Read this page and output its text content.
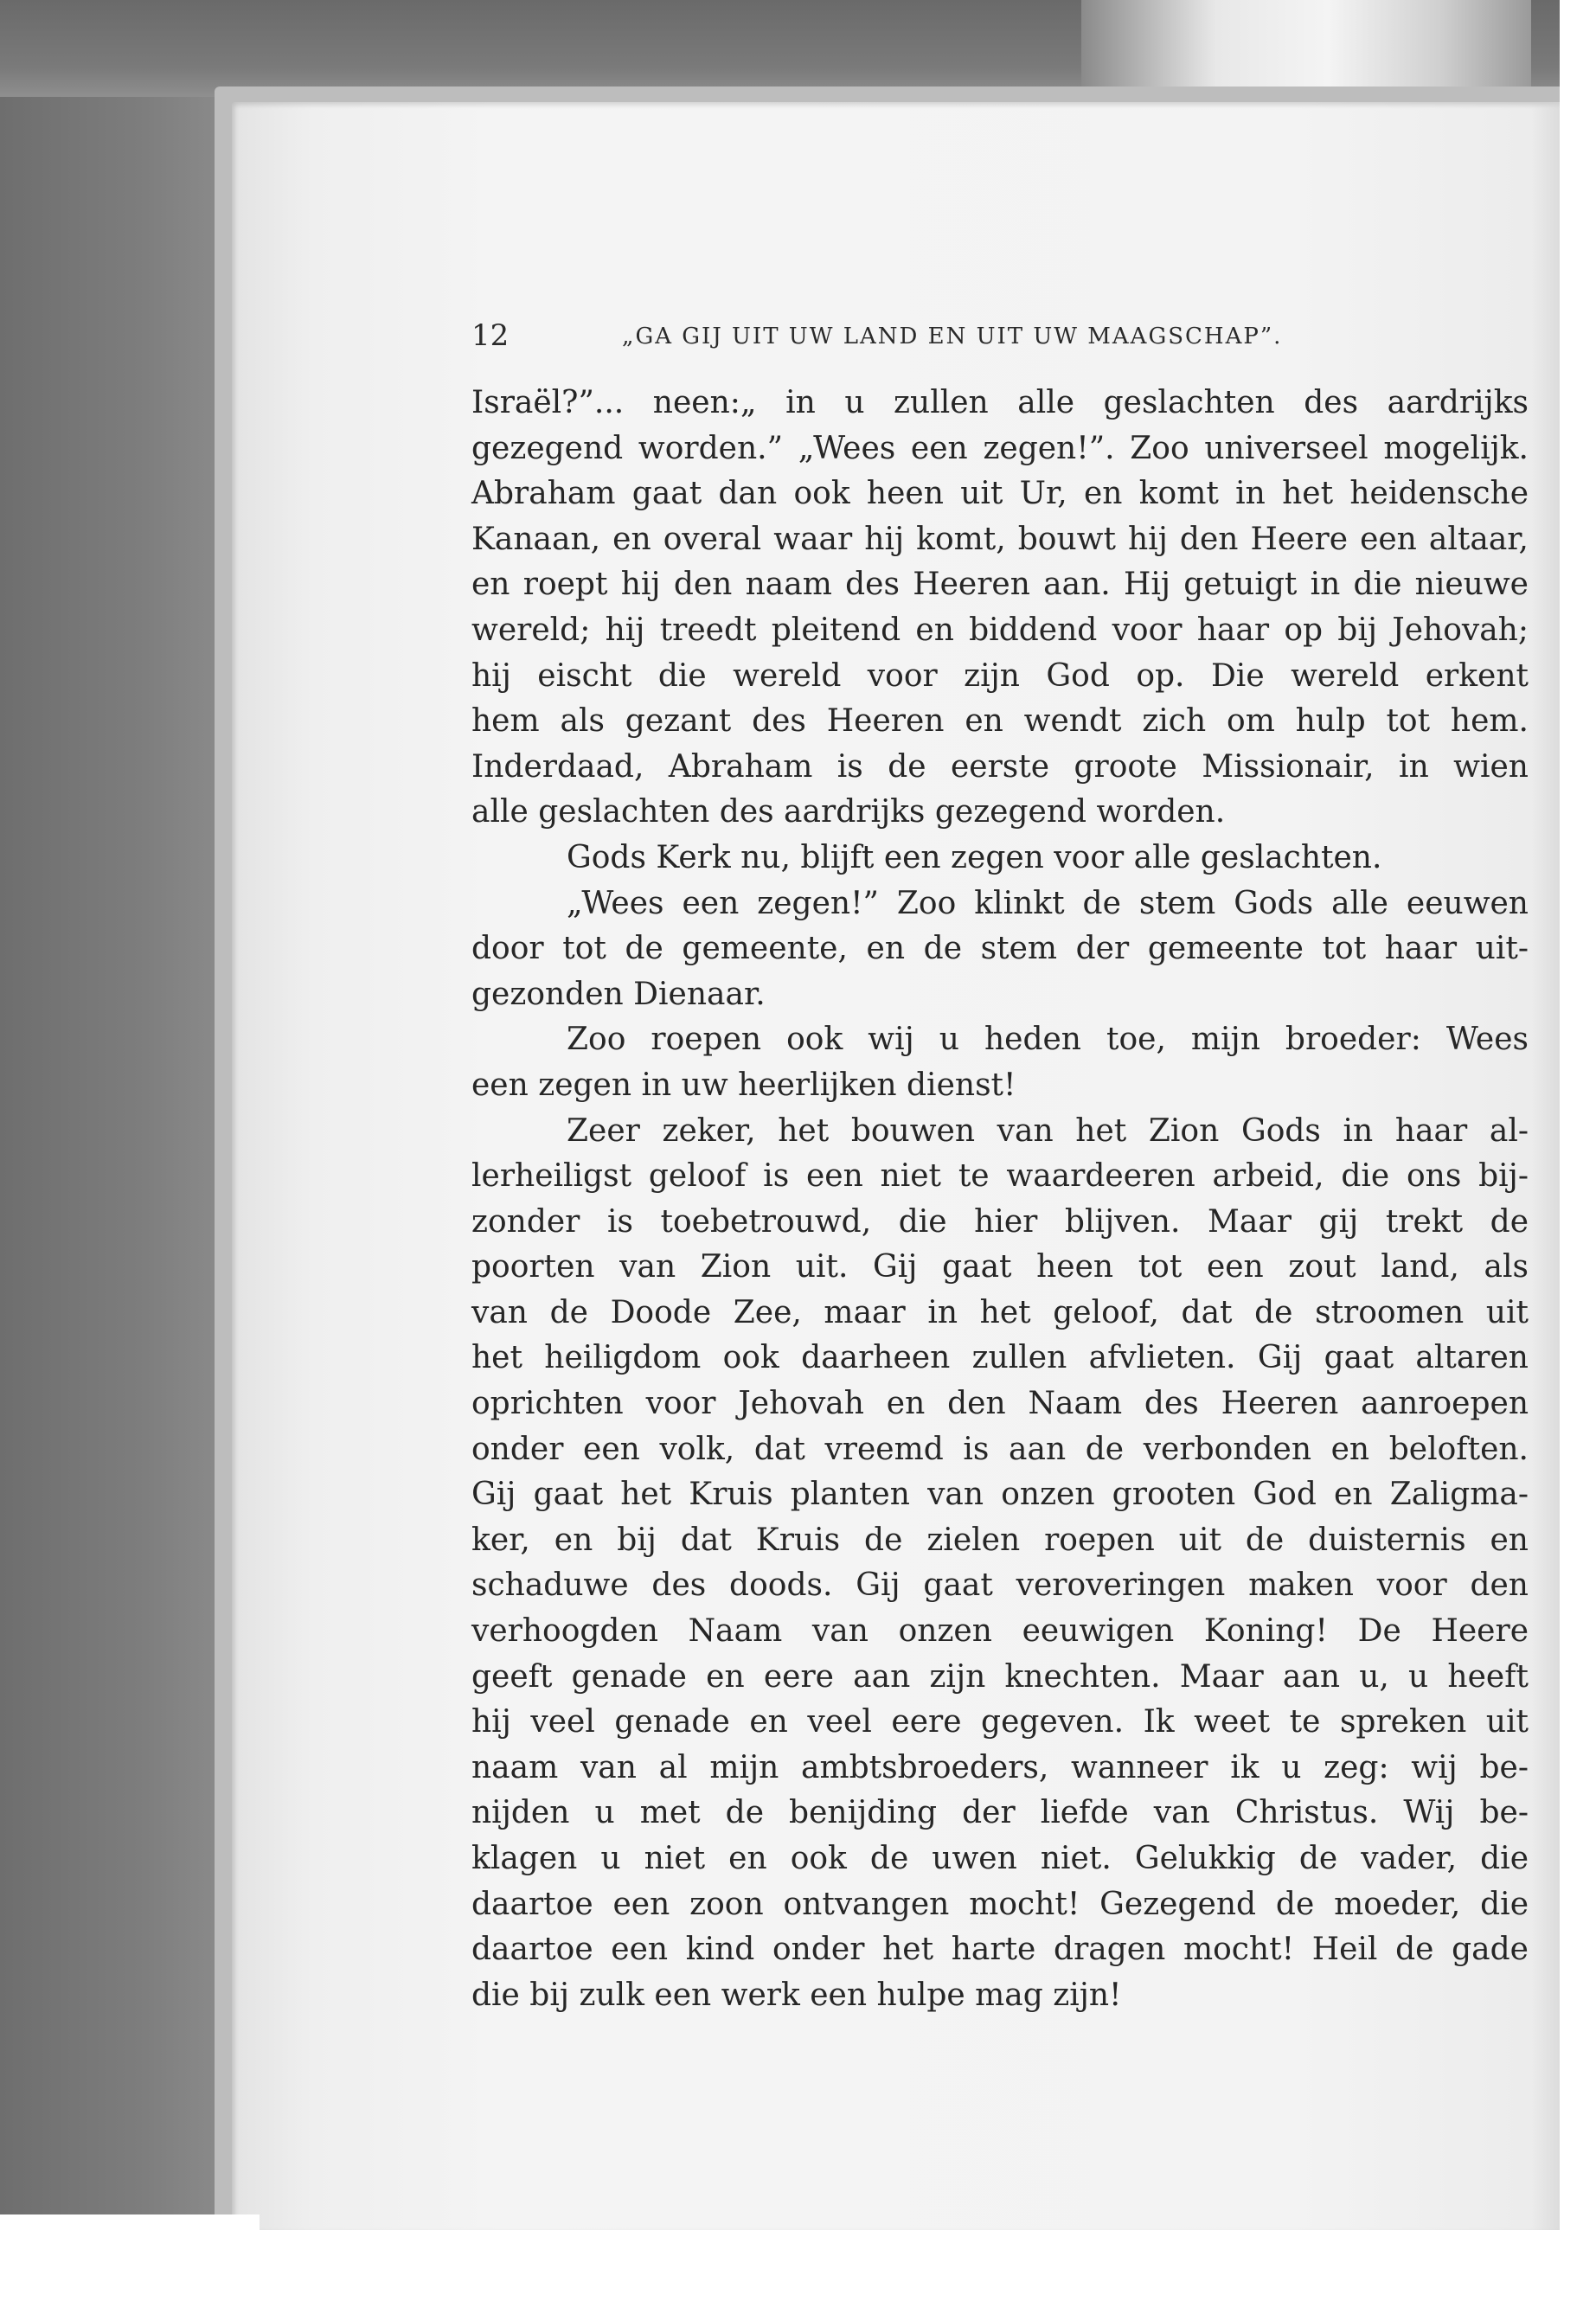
12	„GA GIJ UIT UW LAND EN UIT UW MAAGSCHAP”.
Israël?”... neen:„ in u zullen alle geslachten des aardrijks
gezegend worden.” „Wees een zegen!”. Zoo universeel mogelijk.
Abraham gaat dan ook heen uit Ur, en komt in het heidensche
Kanaan, en overal waar hij komt, bouwt hij den Heere een altaar,
en roept hij den naam des Heeren aan. Hij getuigt in die nieuwe
wereld; hij treedt pleitend en biddend voor haar op bij Jehovah;
hij eischt die wereld voor zijn God op. Die wereld erkent
hem als gezant des Heeren en wendt zich om hulp tot hem.
Inderdaad, Abraham is de eerste groote Missionair, in wien
alle geslachten des aardrijks gezegend worden.
Gods Kerk nu, blijft een zegen voor alle geslachten.
„Wees een zegen!” Zoo klinkt de stem Gods alle eeuwen
door tot de gemeente, en de stem der gemeente tot haar uit-
gezonden Dienaar.
Zoo roepen ook wij u heden toe, mijn broeder: Wees
een zegen in uw heerlijken dienst!
Zeer zeker, het bouwen van het Zion Gods in haar al-
lerheiligst geloof is een niet te waardeeren arbeid, die ons bij-
zonder is toebetrouwd, die hier blijven. Maar gij trekt de
poorten van Zion uit. Gij gaat heen tot een zout land, als
van de Doode Zee, maar in het geloof, dat de stroomen uit
het heiligdom ook daarheen zullen afvlieten. Gij gaat altaren
oprichten voor Jehovah en den Naam des Heeren aanroepen
onder een volk, dat vreemd is aan de verbonden en beloften.
Gij gaat het Kruis planten van onzen grooten God en Zaligma-
ker, en bij dat Kruis de zielen roepen uit de duisternis en
schaduwe des doods. Gij gaat veroveringen maken voor den
verhoogden Naam van onzen eeuwigen Koning! De Heere
geeft genade en eere aan zijn knechten. Maar aan u, u heeft
hij veel genade en veel eere gegeven. Ik weet te spreken uit
naam van al mijn ambtsbroeders, wanneer ik u zeg: wij be-
nijden u met de benijding der liefde van Christus. Wij be-
klagen u niet en ook de uwen niet. Gelukkig de vader, die
daartoe een zoon ontvangen mocht! Gezegend de moeder, die
daartoe een kind onder het harte dragen mocht! Heil de gade
die bij zulk een werk een hulpe mag zijn!
